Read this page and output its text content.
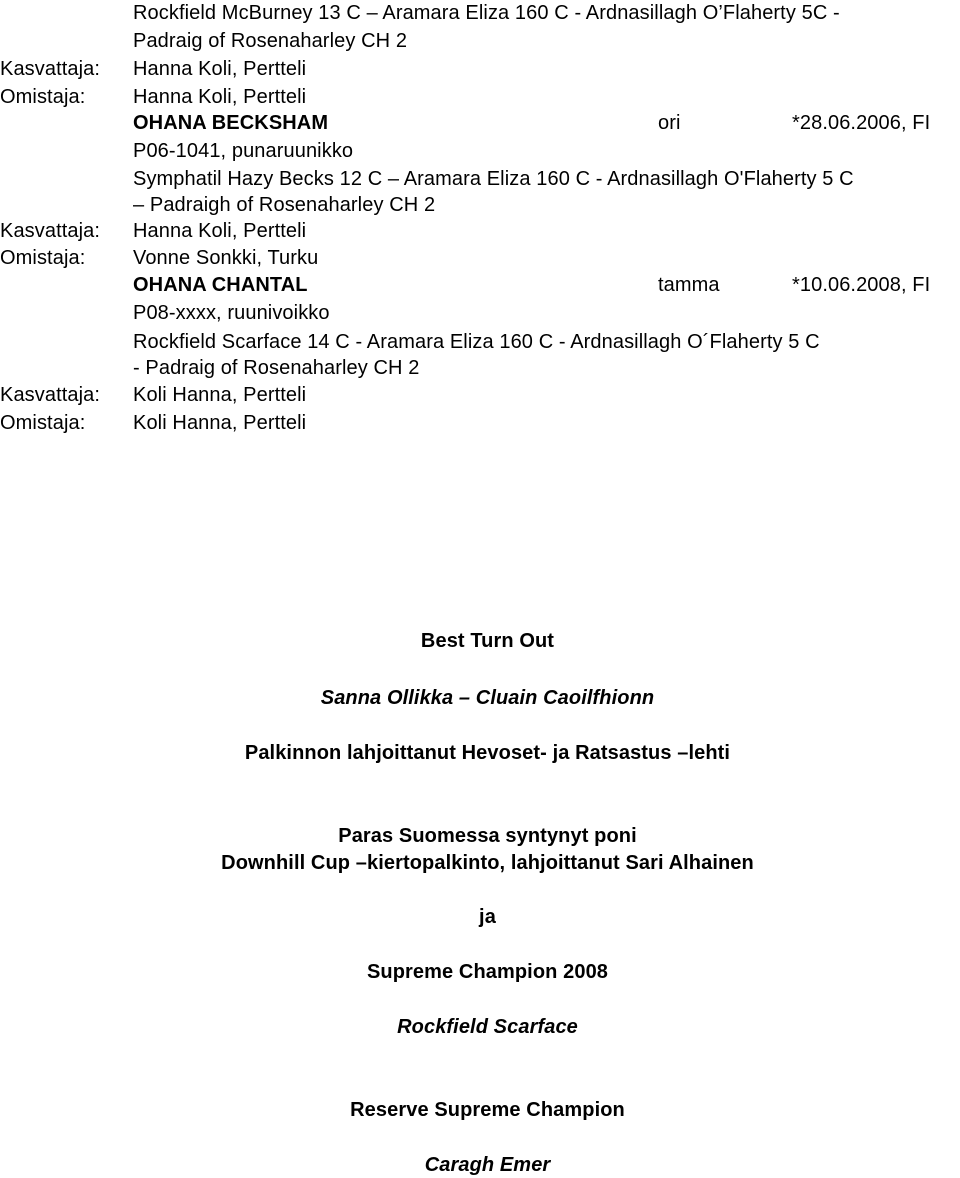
Rockfield McBurney 13 C – Aramara Eliza 160 C - Ardnasillagh O’Flaherty 5C -
Padraig of Rosenaharley CH 2
Kasvattaja: Hanna Koli, Pertteli
Omistaja: Hanna Koli, Pertteli
OHANA BECKSHAM	ori	*28.06.2006, FI
P06-1041, punaruunikko
Symphatil Hazy Becks 12 C – Aramara Eliza 160 C - Ardnasillagh O'Flaherty 5 C
– Padraigh of Rosenaharley CH 2
Kasvattaja: Hanna Koli, Pertteli
Omistaja: Vonne Sonkki, Turku
OHANA CHANTAL	tamma	*10.06.2008, FI
P08-xxxx, ruunivoikko
Rockfield Scarface 14 C - Aramara Eliza 160 C - Ardnasillagh O´Flaherty 5 C
- Padraig of Rosenaharley CH 2
Kasvattaja: Koli Hanna, Pertteli
Omistaja: Koli Hanna, Pertteli
Best Turn Out
Sanna Ollikka – Cluain Caoilfhionn
Palkinnon lahjoittanut Hevoset- ja Ratsastus –lehti
Paras Suomessa syntynyt poni
Downhill Cup –kiertopalkinto, lahjoittanut Sari Alhainen
ja
Supreme Champion 2008
Rockfield Scarface
Reserve Supreme Champion
Caragh Emer
